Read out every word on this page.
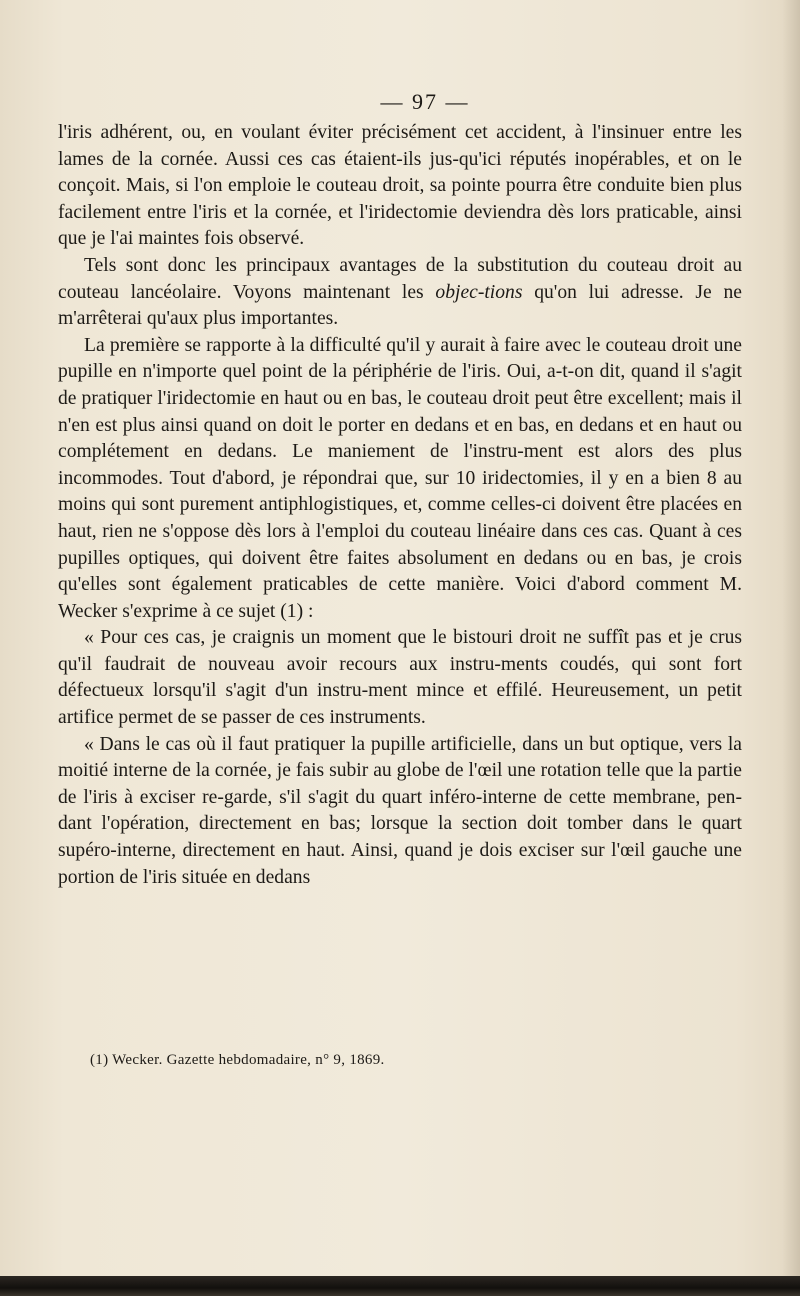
— 97 —

l'iris adhérent, ou, en voulant éviter précisément cet accident, à l'insinuer entre les lames de la cornée. Aussi ces cas étaient-ils jus-qu'ici réputés inopérables, et on le conçoit. Mais, si l'on emploie le couteau droit, sa pointe pourra être conduite bien plus facilement entre l'iris et la cornée, et l'iridectomie deviendra dès lors praticable, ainsi que je l'ai maintes fois observé.

Tels sont donc les principaux avantages de la substitution du couteau droit au couteau lancéolaire. Voyons maintenant les objec-tions qu'on lui adresse. Je ne m'arrêterai qu'aux plus importantes.

La première se rapporte à la difficulté qu'il y aurait à faire avec le couteau droit une pupille en n'importe quel point de la périphérie de l'iris. Oui, a-t-on dit, quand il s'agit de pratiquer l'iridectomie en haut ou en bas, le couteau droit peut être excellent; mais il n'en est plus ainsi quand on doit le porter en dedans et en bas, en dedans et en haut ou complétement en dedans. Le maniement de l'instru-ment est alors des plus incommodes. Tout d'abord, je répondrai que, sur 10 iridectomies, il y en a bien 8 au moins qui sont purement antiphlogistiques, et, comme celles-ci doivent être placées en haut, rien ne s'oppose dès lors à l'emploi du couteau linéaire dans ces cas. Quant à ces pupilles optiques, qui doivent être faites absolument en dedans ou en bas, je crois qu'elles sont également praticables de cette manière. Voici d'abord comment M. Wecker s'exprime à ce sujet (1) :

« Pour ces cas, je craignis un moment que le bistouri droit ne suffît pas et je crus qu'il faudrait de nouveau avoir recours aux instru-ments coudés, qui sont fort défectueux lorsqu'il s'agit d'un instru-ment mince et effilé. Heureusement, un petit artifice permet de se passer de ces instruments.

« Dans le cas où il faut pratiquer la pupille artificielle, dans un but optique, vers la moitié interne de la cornée, je fais subir au globe de l'œil une rotation telle que la partie de l'iris à exciser re-garde, s'il s'agit du quart inféro-interne de cette membrane, pen-dant l'opération, directement en bas; lorsque la section doit tomber dans le quart supéro-interne, directement en haut. Ainsi, quand je dois exciser sur l'œil gauche une portion de l'iris située en dedans

(1) Wecker. Gazette hebdomadaire, n° 9, 1869.
